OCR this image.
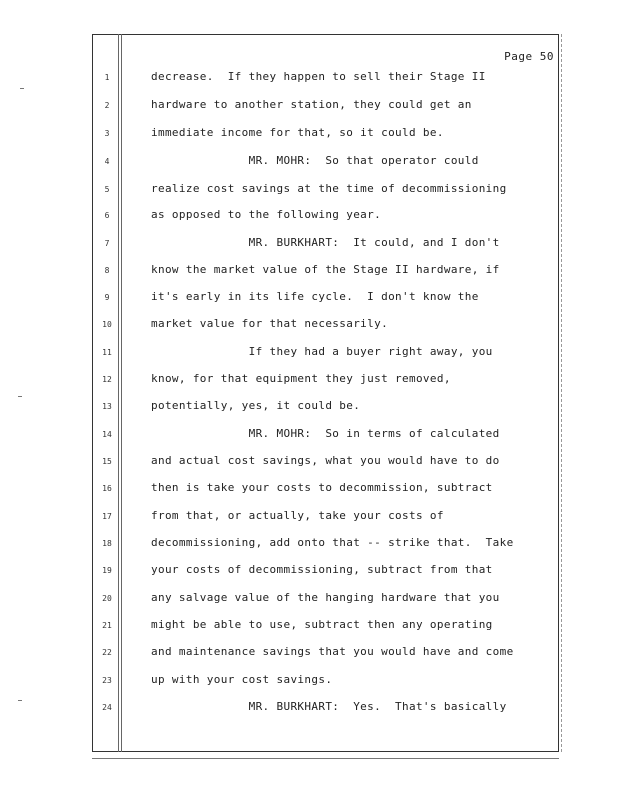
Page 50
1	decrease.  If they happen to sell their Stage II
2	hardware to another station, they could get an
3	immediate income for that, so it could be.
4	MR. MOHR:  So that operator could
5	realize cost savings at the time of decommissioning
6	as opposed to the following year.
7	MR. BURKHART:  It could, and I don't
8	know the market value of the Stage II hardware, if
9	it's early in its life cycle.  I don't know the
10	market value for that necessarily.
11	If they had a buyer right away, you
12	know, for that equipment they just removed,
13	potentially, yes, it could be.
14	MR. MOHR:  So in terms of calculated
15	and actual cost savings, what you would have to do
16	then is take your costs to decommission, subtract
17	from that, or actually, take your costs of
18	decommissioning, add onto that -- strike that.  Take
19	your costs of decommissioning, subtract from that
20	any salvage value of the hanging hardware that you
21	might be able to use, subtract then any operating
22	and maintenance savings that you would have and come
23	up with your cost savings.
24	MR. BURKHART:  Yes.  That's basically
